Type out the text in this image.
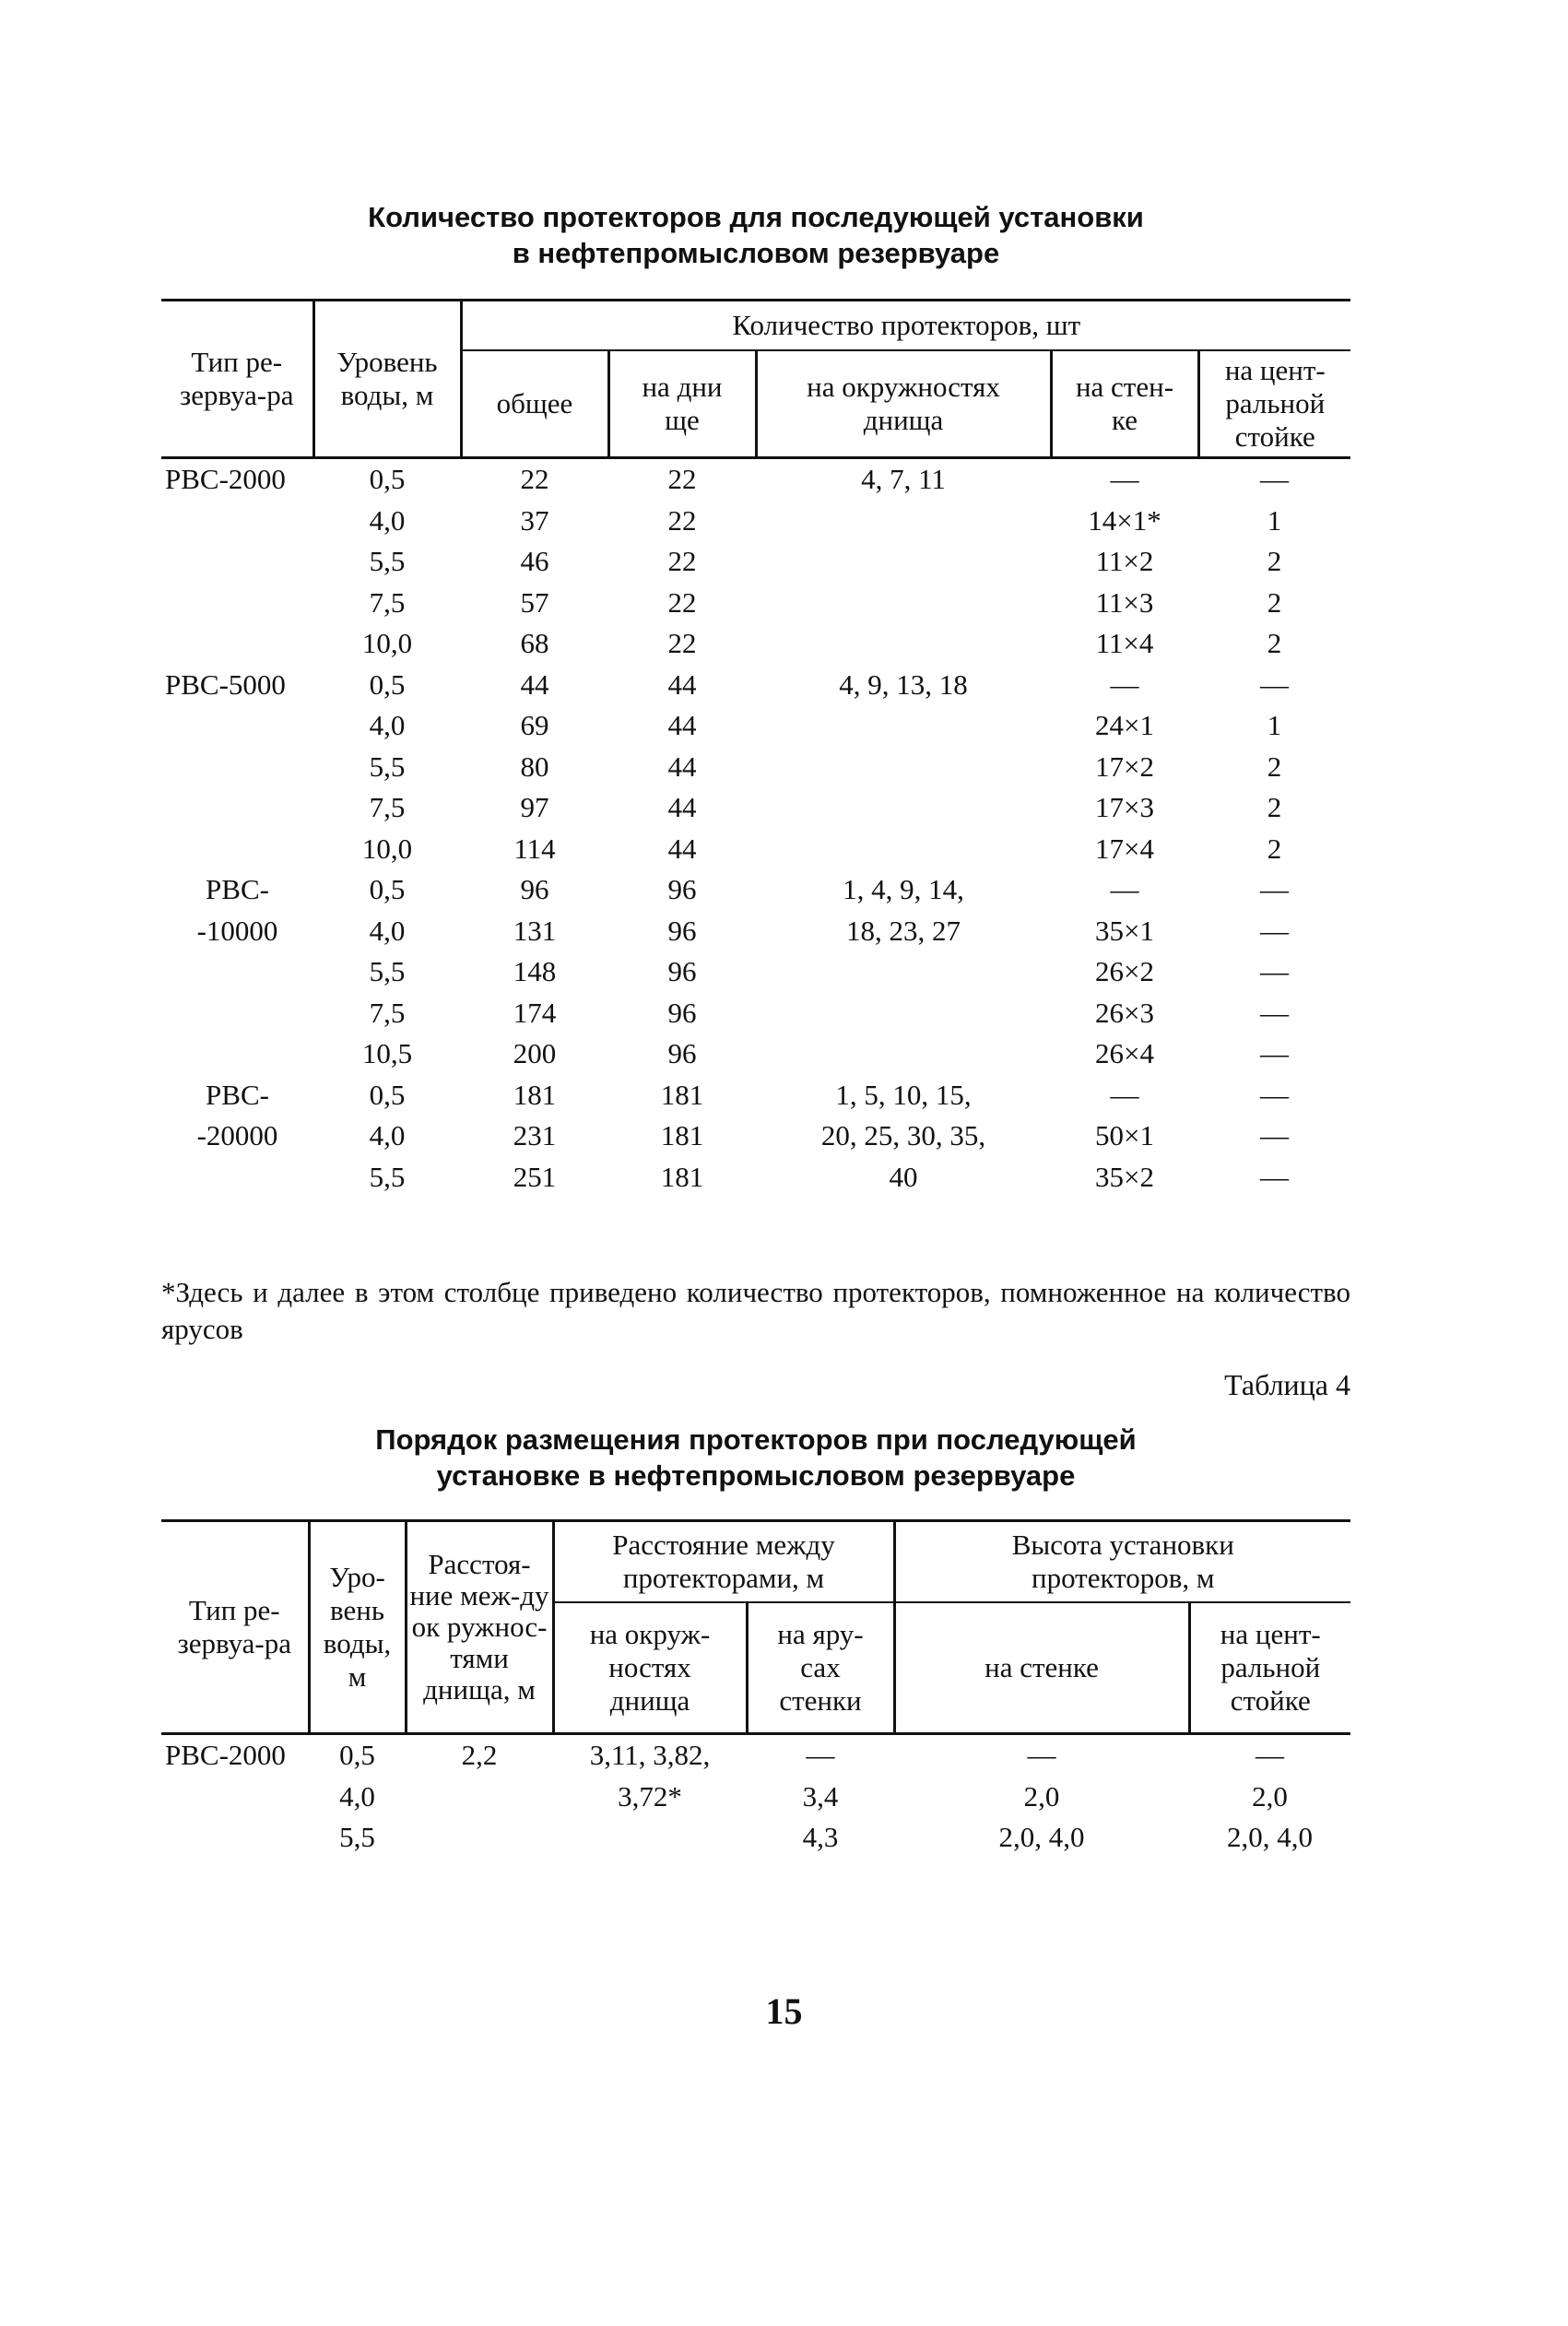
Количество протекторов для последующей установки
в нефтепромысловом резервуаре
Тип ре-зервуа-ра	Уровень воды, м	Количество протекторов, шт				
		общее	на дни ще	на окружностях днища	на стен-ке	на цент-ральной стойке
РВС-2000	0,5	22	22	4, 7, 11	—	—
	4,0	37	22		14×1*	1
	5,5	46	22		11×2	2
	7,5	57	22		11×3	2
	10,0	68	22		11×4	2
РВС-5000	0,5	44	44	4, 9, 13, 18	—	—
	4,0	69	44		24×1	1
	5,5	80	44		17×2	2
	7,5	97	44		17×3	2
	10,0	114	44		17×4	2
РВС-	0,5	96	96	1, 4, 9, 14,	—	—
-10000	4,0	131	96	18, 23, 27	35×1	—
	5,5	148	96		26×2	—
	7,5	174	96		26×3	—
	10,5	200	96		26×4	—
РВС-	0,5	181	181	1, 5, 10, 15,	—	—
-20000	4,0	231	181	20, 25, 30, 35,	50×1	—
	5,5	251	181	40	35×2	—
*Здесь и далее в этом столбце приведено количество протекторов, помноженное на количество ярусов
Таблица 4
Порядок размещения протекторов при последующей
установке в нефтепромысловом резервуаре
Тип ре-зервуа-ра	Уро-вень воды, м	Расстоя-ние меж-ду ок ружнос-тями днища, м	Расстояние между протекторами, м		Высота установки протекторов, м	
			на окруж-ностях днища	на яру-сах стенки	на стенке	на цент-ральной стойке
РВС-2000	0,5	2,2	3,11, 3,82,	—	—	—
	4,0		3,72*	3,4	2,0	2,0
	5,5			4,3	2,0, 4,0	2,0, 4,0
15
